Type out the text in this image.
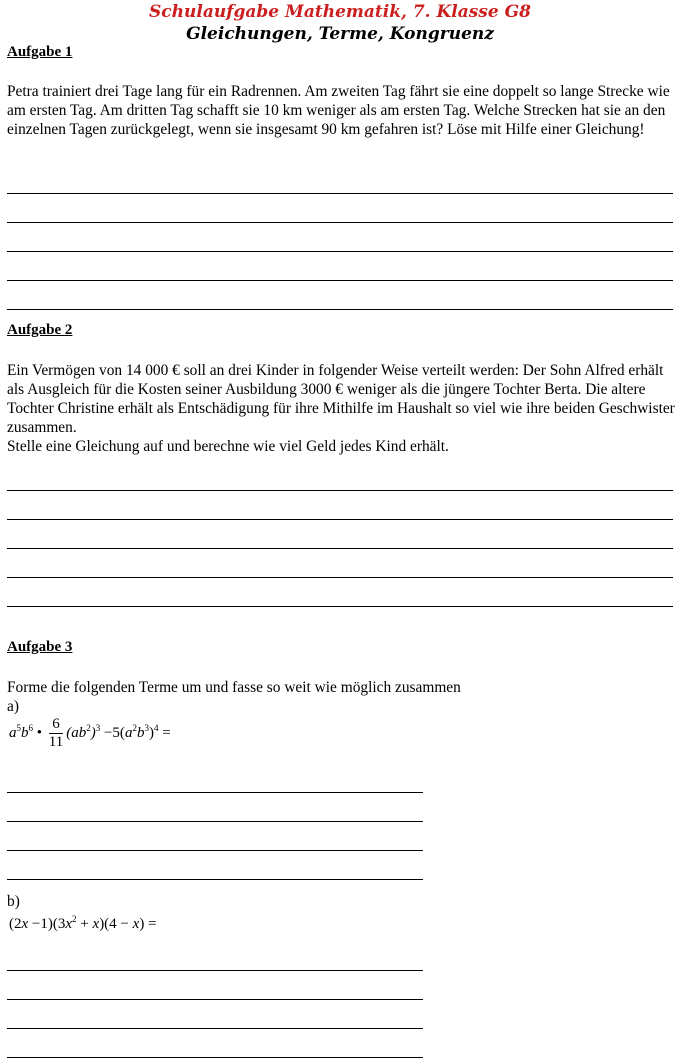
Schulaufgabe Mathematik, 7. Klasse G8
Gleichungen, Terme, Kongruenz
Aufgabe 1
Petra trainiert drei Tage lang für ein Radrennen. Am zweiten Tag fährt sie eine doppelt so lange Strecke wie am ersten Tag. Am dritten Tag schafft sie 10 km weniger als am ersten Tag. Welche Strecken hat sie an den einzelnen Tagen zurückgelegt, wenn sie insgesamt 90 km gefahren ist? Löse mit Hilfe einer Gleichung!
Aufgabe 2
Ein Vermögen von 14 000 € soll an drei Kinder in folgender Weise verteilt werden: Der Sohn Alfred erhält als Ausgleich für die Kosten seiner Ausbildung 3000 € weniger als die jüngere Tochter Berta. Die altere Tochter Christine erhält als Entschädigung für ihre Mithilfe im Haushalt so viel wie ihre beiden Geschwister zusammen.
Stelle eine Gleichung auf und berechne wie viel Geld jedes Kind erhält.
Aufgabe 3
Forme die folgenden Terme um und fasse so weit wie möglich zusammen
a)
$a^5b^6$ • $\frac{6}{11} (ab^2)^3 -5(a^2b^3)^4$ =
b)
$(2x -1)(3x^2 + x)(4 - x)$ =
